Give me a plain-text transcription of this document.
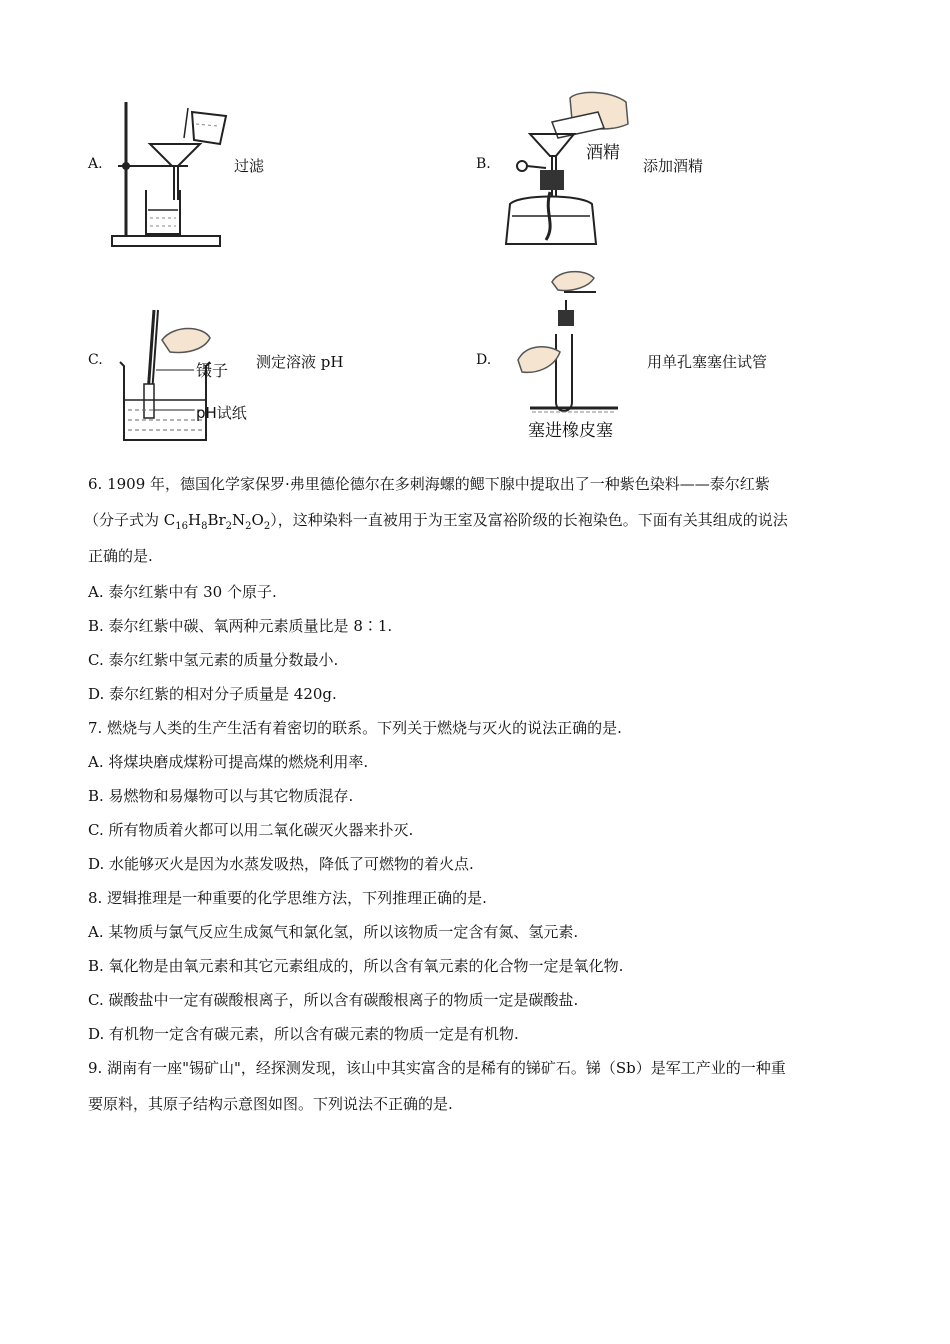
A.	过滤	B.
酒精
添加酒精
C.
镊子
pH试纸
测定溶液 pH	D.
塞进橡皮塞
用单孔塞塞住试管
6. 1909 年，德国化学家保罗·弗里德伦德尔在多刺海螺的鳃下腺中提取出了一种紫色染料——泰尔红紫
（分子式为 $C_{16}H_8Br_2N_2O_2$），这种染料一直被用于为王室及富裕阶级的长袍染色。下面有关其组成的说法
正确的是.
A. 泰尔红紫中有 30 个原子.
B. 泰尔红紫中碳、氧两种元素质量比是 8∶1.
C. 泰尔红紫中氢元素的质量分数最小.
D. 泰尔红紫的相对分子质量是 420g.
7. 燃烧与人类的生产生活有着密切的联系。下列关于燃烧与灭火的说法正确的是.
A. 将煤块磨成煤粉可提高煤的燃烧利用率.
B. 易燃物和易爆物可以与其它物质混存.
C. 所有物质着火都可以用二氧化碳灭火器来扑灭.
D. 水能够灭火是因为水蒸发吸热，降低了可燃物的着火点.
8. 逻辑推理是一种重要的化学思维方法，下列推理正确的是.
A. 某物质与氯气反应生成氮气和氯化氢，所以该物质一定含有氮、氢元素.
B. 氧化物是由氧元素和其它元素组成的，所以含有氧元素的化合物一定是氧化物.
C. 碳酸盐中一定有碳酸根离子，所以含有碳酸根离子的物质一定是碳酸盐.
D. 有机物一定含有碳元素，所以含有碳元素的物质一定是有机物.
9. 湖南有一座"锡矿山"，经探测发现，该山中其实富含的是稀有的锑矿石。锑（Sb）是军工产业的一种重
要原料，其原子结构示意图如图。下列说法不正确的是.
